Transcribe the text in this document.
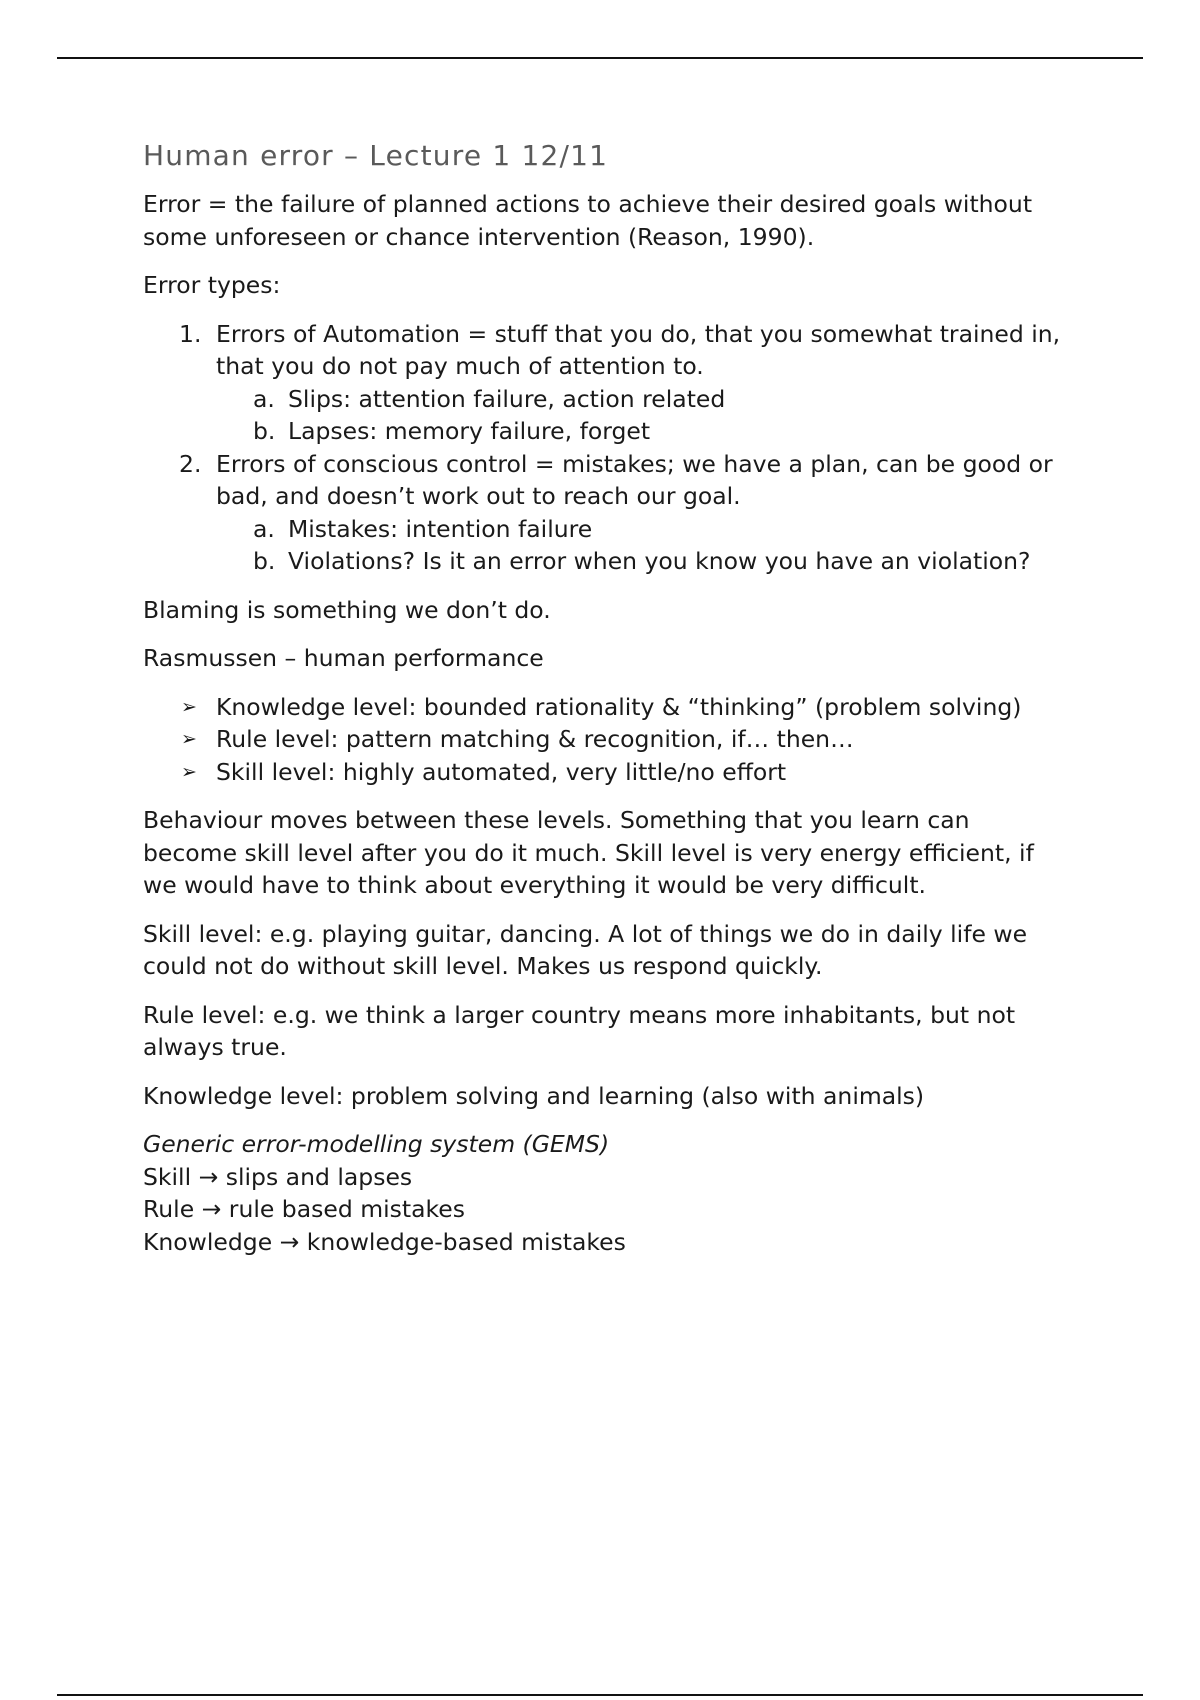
Human error – Lecture 1 12/11

Error = the failure of planned actions to achieve their desired goals without some unforeseen or chance intervention (Reason, 1990).

Error types:

1. Errors of Automation = stuff that you do, that you somewhat trained in, that you do not pay much of attention to.
a. Slips: attention failure, action related
b. Lapses: memory failure, forget
2. Errors of conscious control = mistakes; we have a plan, can be good or bad, and doesn’t work out to reach our goal.
a. Mistakes: intention failure
b. Violations? Is it an error when you know you have an violation?

Blaming is something we don’t do.

Rasmussen – human performance

➢ Knowledge level: bounded rationality & “thinking” (problem solving)
➢ Rule level: pattern matching & recognition, if… then…
➢ Skill level: highly automated, very little/no effort

Behaviour moves between these levels. Something that you learn can become skill level after you do it much. Skill level is very energy efficient, if we would have to think about everything it would be very difficult.

Skill level: e.g. playing guitar, dancing. A lot of things we do in daily life we could not do without skill level. Makes us respond quickly.

Rule level: e.g. we think a larger country means more inhabitants, but not always true.

Knowledge level: problem solving and learning (also with animals)

Generic error-modelling system (GEMS)
Skill → slips and lapses
Rule → rule based mistakes
Knowledge → knowledge-based mistakes
